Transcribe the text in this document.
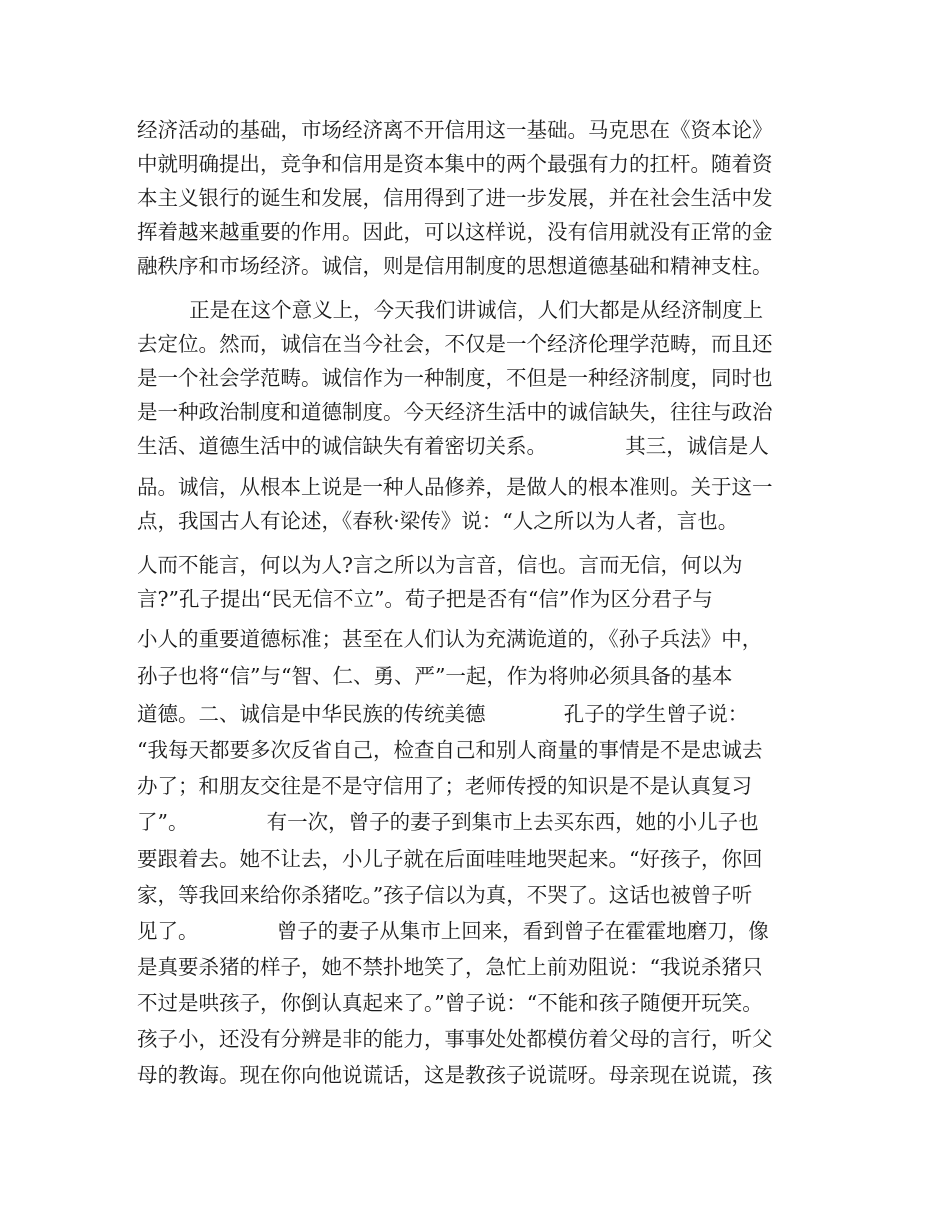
经济活动的基础，市场经济离不开信用这一基础。马克思在《资本论》
中就明确提出，竞争和信用是资本集中的两个最强有力的扛杆。随着资
本主义银行的诞生和发展，信用得到了进一步发展，并在社会生活中发
挥着越来越重要的作用。因此，可以这样说，没有信用就没有正常的金
融秩序和市场经济。诚信，则是信用制度的思想道德基础和精神支柱。
正是在这个意义上，今天我们讲诚信，人们大都是从经济制度上
去定位。然而，诚信在当今社会，不仅是一个经济伦理学范畴，而且还
是一个社会学范畴。诚信作为一种制度，不但是一种经济制度，同时也
是一种政治制度和道德制度。今天经济生活中的诚信缺失，往往与政治
生活、道德生活中的诚信缺失有着密切关系。            其三，诚信是人
品。诚信，从根本上说是一种人品修养，是做人的根本准则。关于这一
点，我国古人有论述，《春秋·梁传》说：“人之所以为人者，言也。
人而不能言，何以为人?言之所以为言音，信也。言而无信，何以为
言?”孔子提出“民无信不立”。荀子把是否有“信”作为区分君子与
小人的重要道德标准；甚至在人们认为充满诡道的，《孙子兵法》中，
孙子也将“信”与“智、仁、勇、严”一起，作为将帅必须具备的基本
道德。二、诚信是中华民族的传统美德            孔子的学生曾子说：
“我每天都要多次反省自己，检查自己和别人商量的事情是不是忠诚去
办了；和朋友交往是不是守信用了；老师传授的知识是不是认真复习
了”。            有一次，曾子的妻子到集市上去买东西，她的小儿子也
要跟着去。她不让去，小儿子就在后面哇哇地哭起来。“好孩子，你回
家，等我回来给你杀猪吃。”孩子信以为真，不哭了。这话也被曾子听
见了。            曾子的妻子从集市上回来，看到曾子在霍霍地磨刀，像
是真要杀猪的样子，她不禁扑地笑了，急忙上前劝阻说：“我说杀猪只
不过是哄孩子，你倒认真起来了。”曾子说：“不能和孩子随便开玩笑。
孩子小，还没有分辨是非的能力，事事处处都模仿着父母的言行，听父
母的教诲。现在你向他说谎话，这是教孩子说谎呀。母亲现在说谎，孩
